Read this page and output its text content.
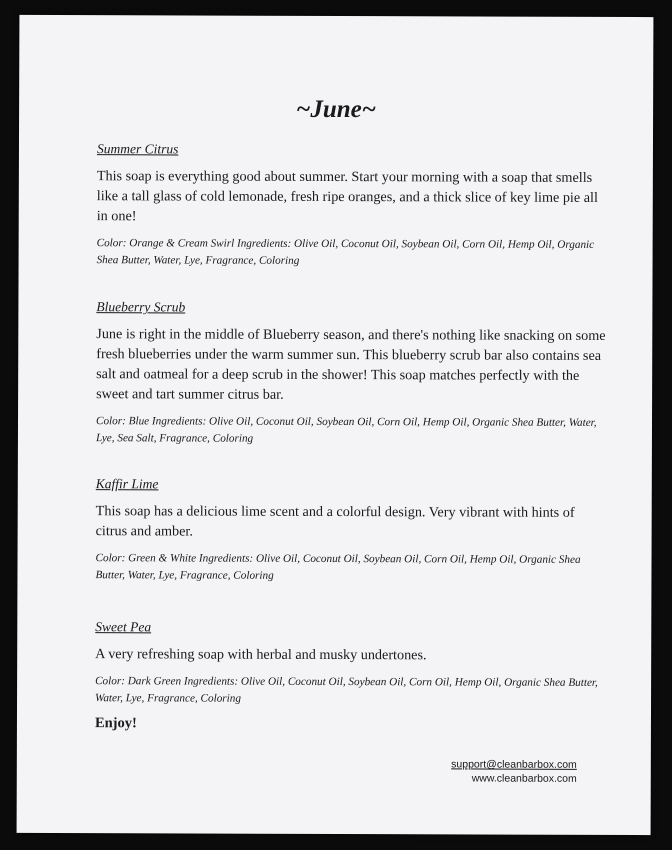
~June~

Summer Citrus

This soap is everything good about summer. Start your morning with a soap that smells like a tall glass of cold lemonade, fresh ripe oranges, and a thick slice of key lime pie all in one!

Color: Orange & Cream Swirl Ingredients: Olive Oil, Coconut Oil, Soybean Oil, Corn Oil, Hemp Oil, Organic Shea Butter, Water, Lye, Fragrance, Coloring

Blueberry Scrub

June is right in the middle of Blueberry season, and there's nothing like snacking on some fresh blueberries under the warm summer sun. This blueberry scrub bar also contains sea salt and oatmeal for a deep scrub in the shower! This soap matches perfectly with the sweet and tart summer citrus bar.

Color: Blue Ingredients: Olive Oil, Coconut Oil, Soybean Oil, Corn Oil, Hemp Oil, Organic Shea Butter, Water, Lye, Sea Salt, Fragrance, Coloring

Kaffir Lime

This soap has a delicious lime scent and a colorful design. Very vibrant with hints of citrus and amber.

Color: Green & White Ingredients: Olive Oil, Coconut Oil, Soybean Oil, Corn Oil, Hemp Oil, Organic Shea Butter, Water, Lye, Fragrance, Coloring

Sweet Pea

A very refreshing soap with herbal and musky undertones.

Color: Dark Green Ingredients: Olive Oil, Coconut Oil, Soybean Oil, Corn Oil, Hemp Oil, Organic Shea Butter, Water, Lye, Fragrance, Coloring

Enjoy!
support@cleanbarbox.com
www.cleanbarbox.com
